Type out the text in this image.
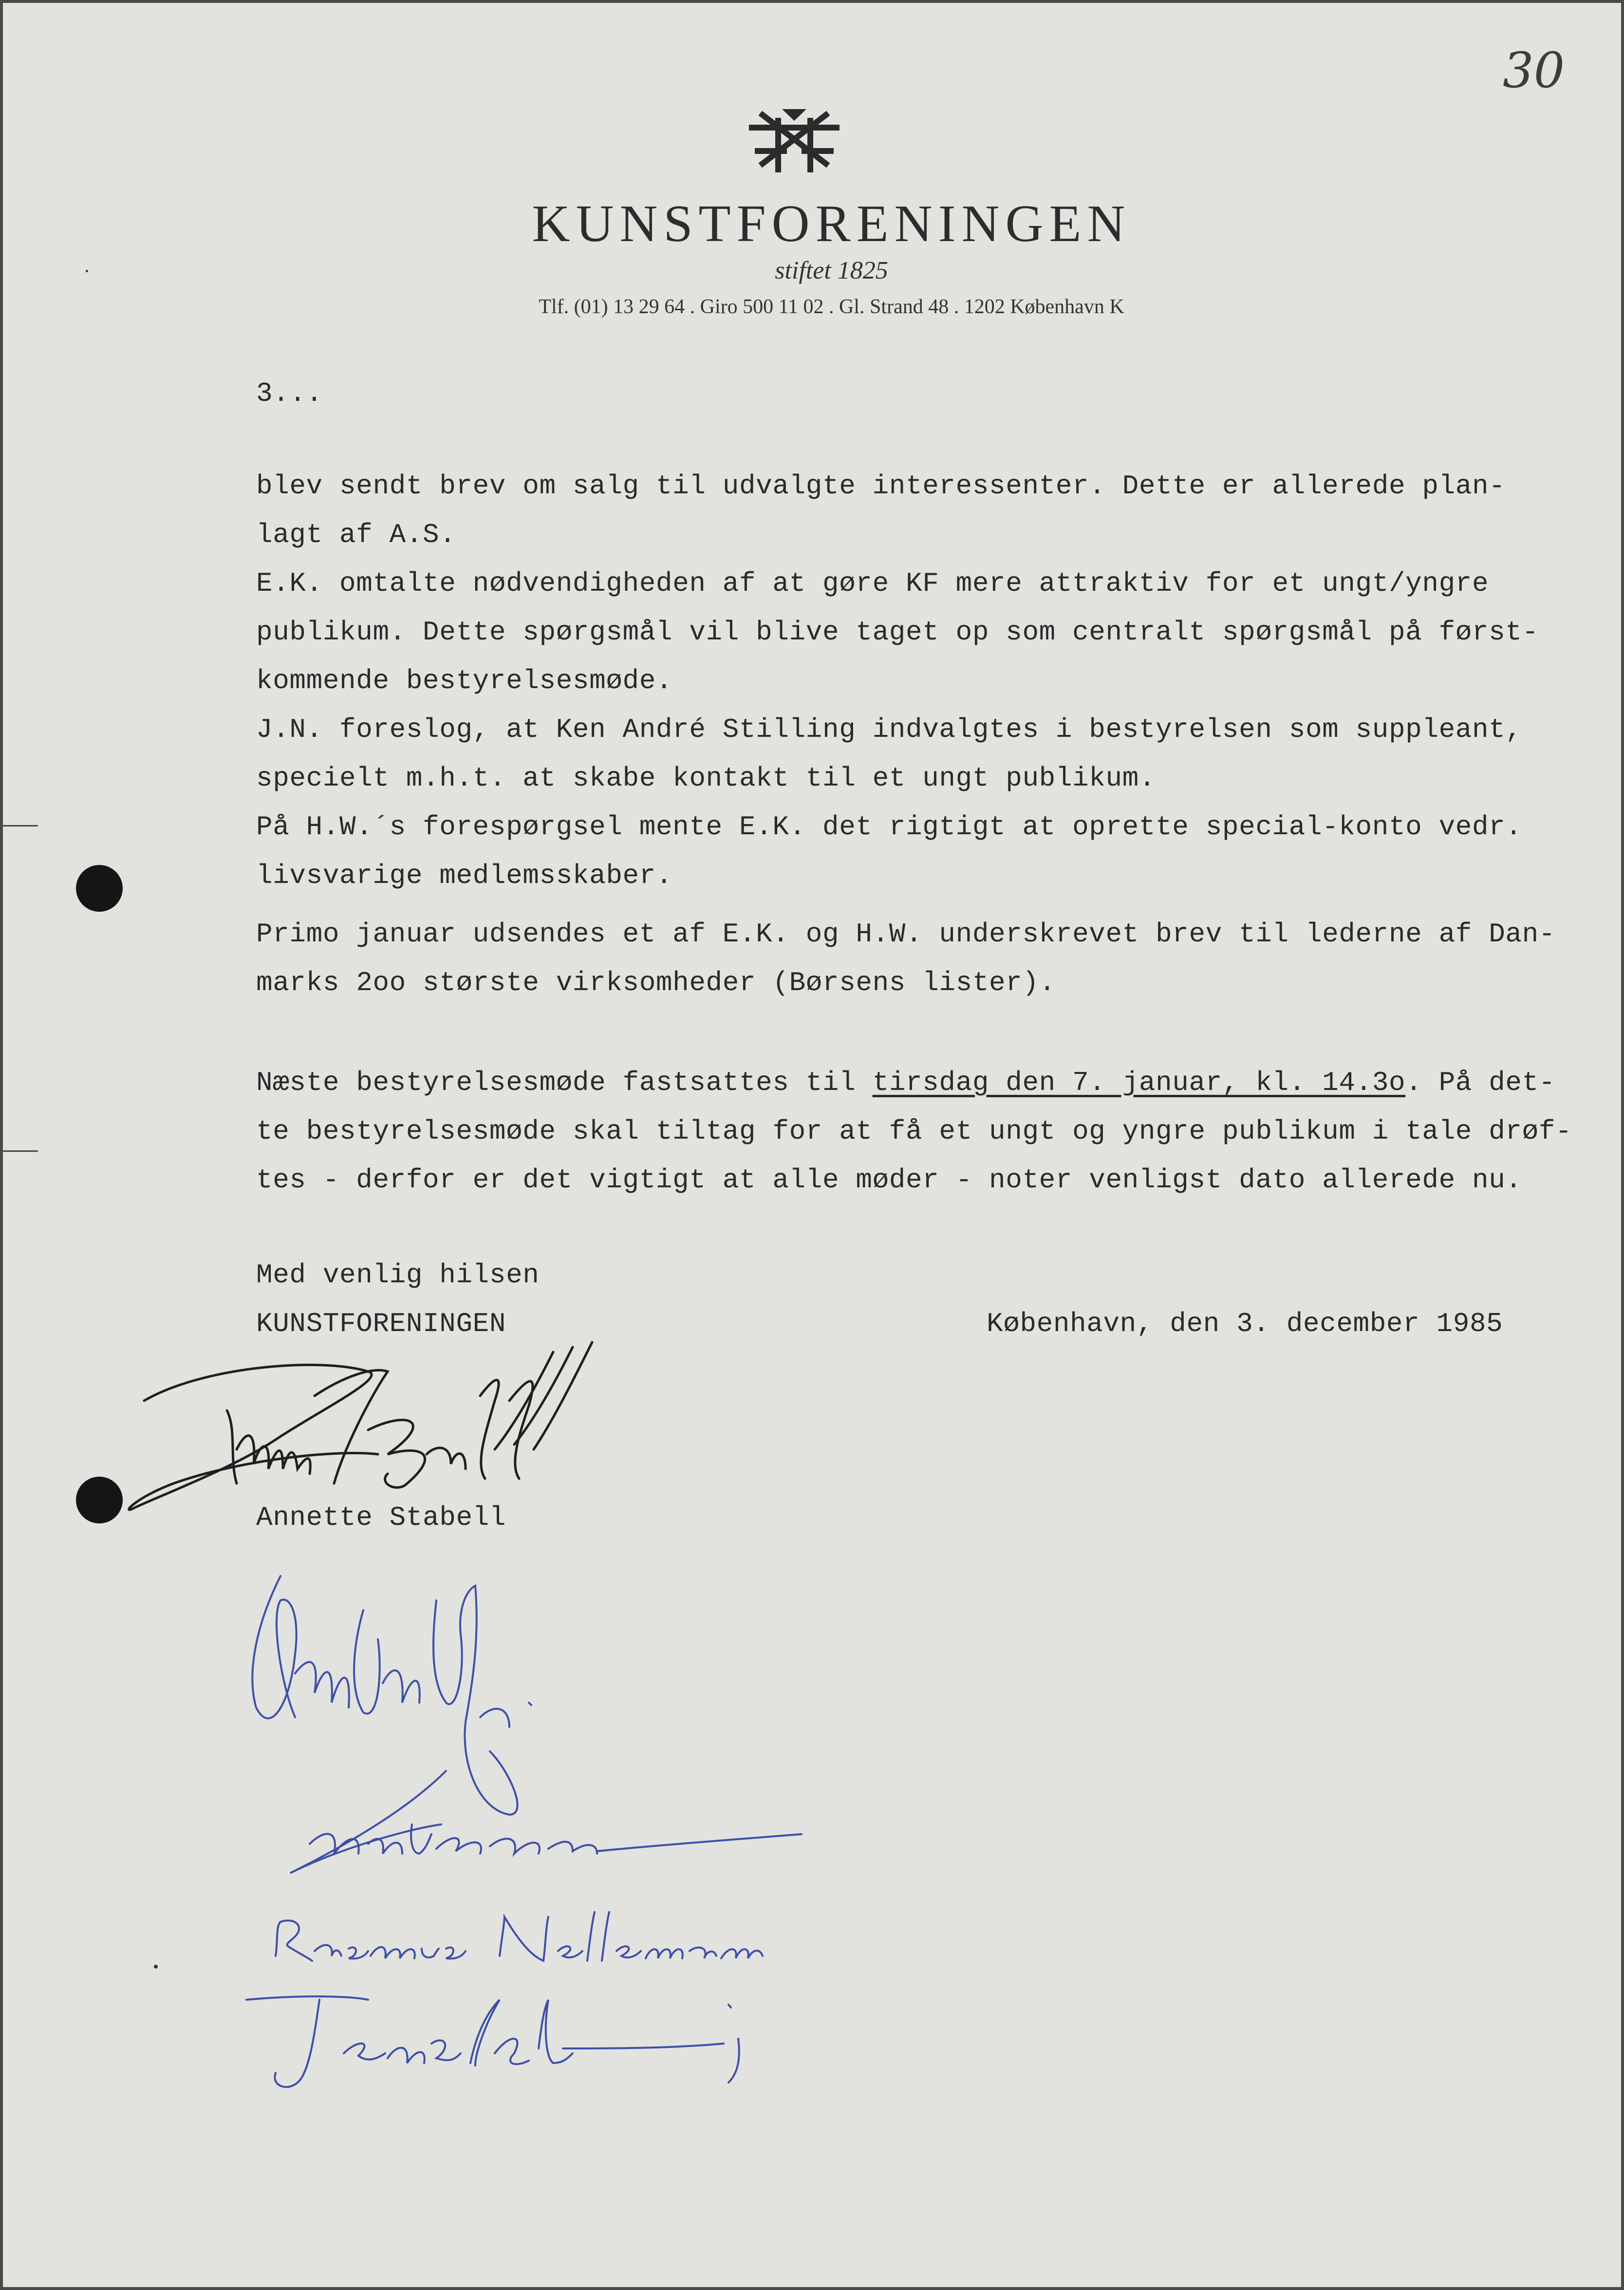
30
KUNSTFORENINGEN
stiftet 1825
Tlf. (01) 13 29 64 . Giro 500 11 02 . Gl. Strand 48 . 1202 København K
3...
blev sendt brev om salg til udvalgte interessenter. Dette er allerede plan-
lagt af A.S.
E.K. omtalte nødvendigheden af at gøre KF mere attraktiv for et ungt/yngre
publikum. Dette spørgsmål vil blive taget op som centralt spørgsmål på først-
kommende bestyrelsesmøde.
J.N. foreslog, at Ken André Stilling indvalgtes i bestyrelsen som suppleant,
specielt m.h.t. at skabe kontakt til et ungt publikum.
På H.W.´s forespørgsel mente E.K. det rigtigt at oprette special-konto vedr.
livsvarige medlemsskaber.
Primo januar udsendes et af E.K. og H.W. underskrevet brev til lederne af Dan-
marks 2oo største virksomheder (Børsens lister).
Næste bestyrelsesmøde fastsattes til tirsdag den 7. januar, kl. 14.3o. På det-
te bestyrelsesmøde skal tiltag for at få et ungt og yngre publikum i tale drøf-
tes - derfor er det vigtigt at alle møder - noter venligst dato allerede nu.
Med venlig hilsen
KUNSTFORENINGEN	København, den 3. december 1985
Annette Stabell
